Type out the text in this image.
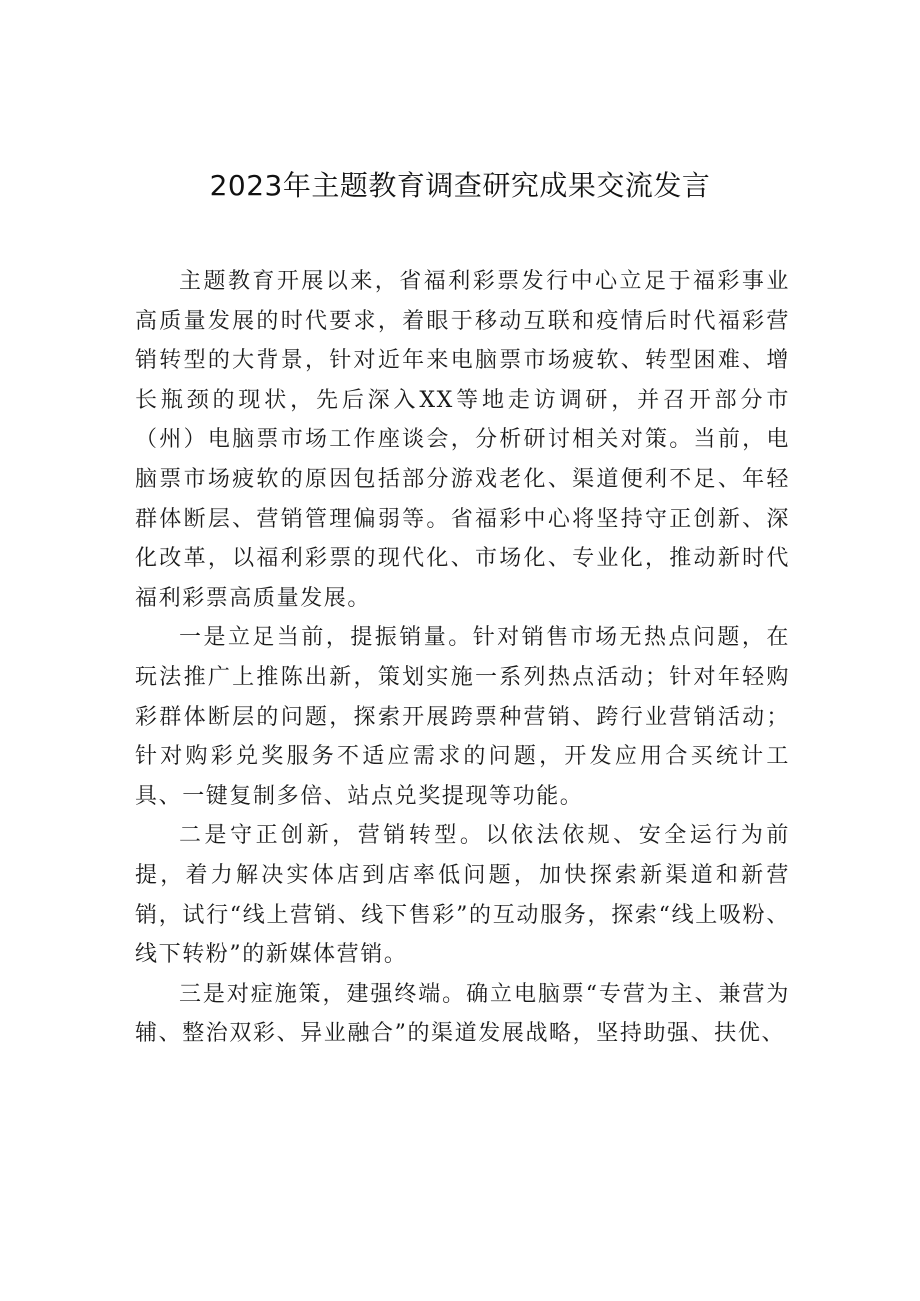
2023年主题教育调查研究成果交流发言

主题教育开展以来，省福利彩票发行中心立足于福彩事业高质量发展的时代要求，着眼于移动互联和疫情后时代福彩营销转型的大背景，针对近年来电脑票市场疲软、转型困难、增长瓶颈的现状，先后深入XX等地走访调研，并召开部分市（州）电脑票市场工作座谈会，分析研讨相关对策。当前，电脑票市场疲软的原因包括部分游戏老化、渠道便利不足、年轻群体断层、营销管理偏弱等。省福彩中心将坚持守正创新、深化改革，以福利彩票的现代化、市场化、专业化，推动新时代福利彩票高质量发展。

一是立足当前，提振销量。针对销售市场无热点问题，在玩法推广上推陈出新，策划实施一系列热点活动；针对年轻购彩群体断层的问题，探索开展跨票种营销、跨行业营销活动；针对购彩兑奖服务不适应需求的问题，开发应用合买统计工具、一键复制多倍、站点兑奖提现等功能。

二是守正创新，营销转型。以依法依规、安全运行为前提，着力解决实体店到店率低问题，加快探索新渠道和新营销，试行“线上营销、线下售彩”的互动服务，探索“线上吸粉、线下转粉”的新媒体营销。

三是对症施策，建强终端。确立电脑票“专营为主、兼营为辅、整治双彩、异业融合”的渠道发展战略，坚持助强、扶优、
